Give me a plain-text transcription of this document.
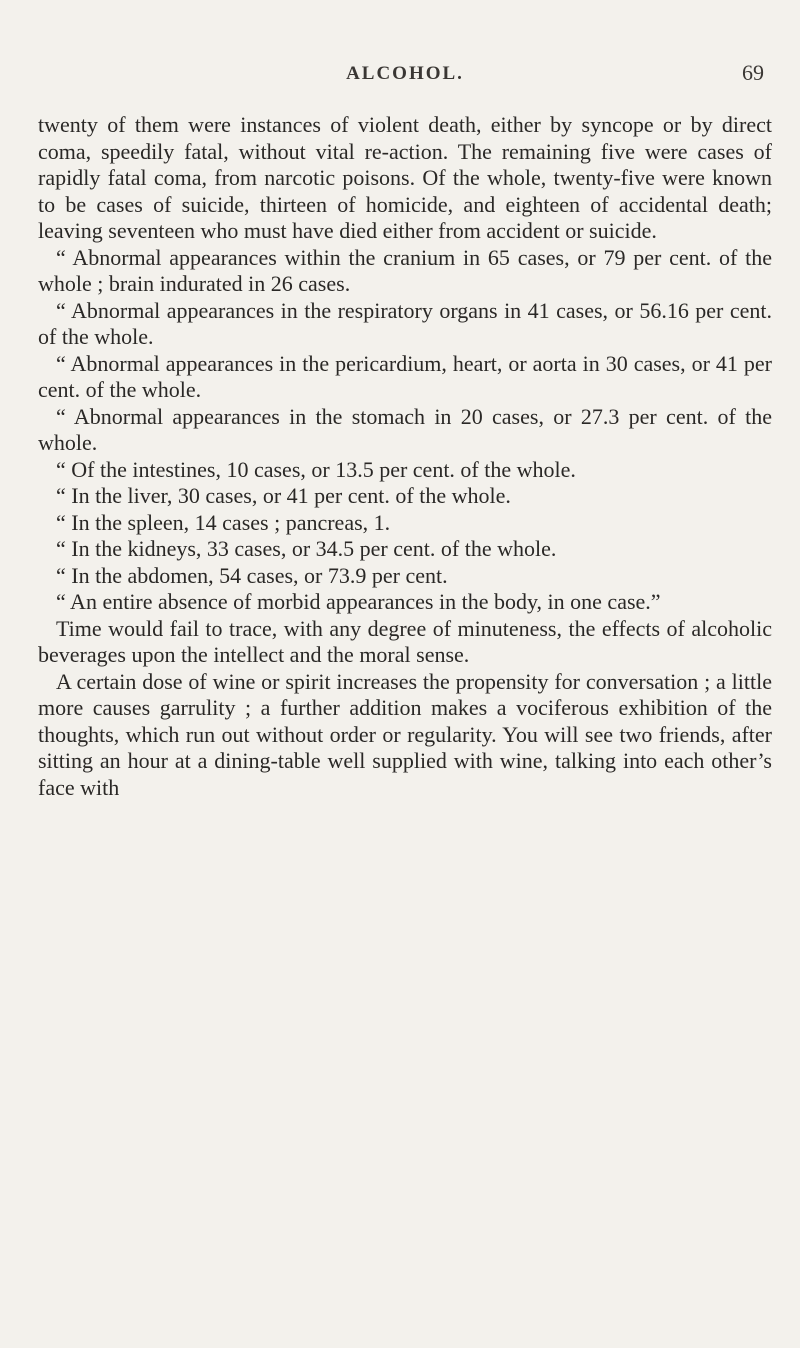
ALCOHOL.	69

twenty of them were instances of violent death, either by syncope or by direct coma, speedily fatal, without vital re-action. The remaining five were cases of rapidly fatal coma, from narcotic poisons. Of the whole, twenty-five were known to be cases of suicide, thirteen of homicide, and eighteen of accidental death; leaving seventeen who must have died either from accident or suicide.

“ Abnormal appearances within the cranium in 65 cases, or 79 per cent. of the whole ; brain indurated in 26 cases.

“ Abnormal appearances in the respiratory organs in 41 cases, or 56.16 per cent. of the whole.

“ Abnormal appearances in the pericardium, heart, or aorta in 30 cases, or 41 per cent. of the whole.

“ Abnormal appearances in the stomach in 20 cases, or 27.3 per cent. of the whole.

“ Of the intestines, 10 cases, or 13.5 per cent. of the whole.

“ In the liver, 30 cases, or 41 per cent. of the whole.

“ In the spleen, 14 cases ; pancreas, 1.

“ In the kidneys, 33 cases, or 34.5 per cent. of the whole.

“ In the abdomen, 54 cases, or 73.9 per cent.

“ An entire absence of morbid appearances in the body, in one case.”

Time would fail to trace, with any degree of minuteness, the effects of alcoholic beverages upon the intellect and the moral sense.

A certain dose of wine or spirit increases the propensity for conversation ; a little more causes garrulity ; a further addition makes a vociferous exhibition of the thoughts, which run out without order or regularity. You will see two friends, after sitting an hour at a dining-table well supplied with wine, talking into each other’s face with
